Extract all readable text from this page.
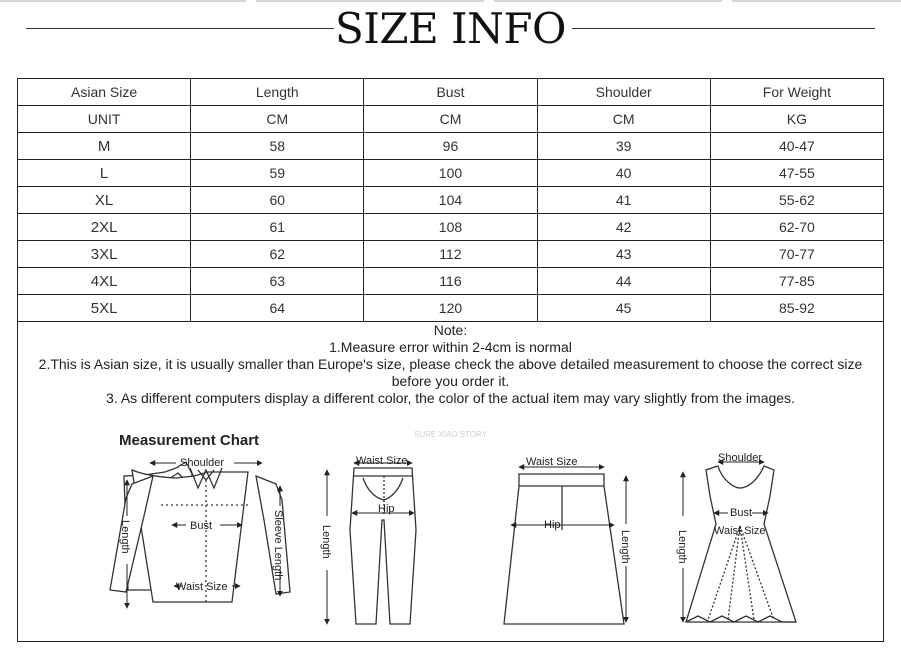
SIZE INFO
Asian Size	Length	Bust	Shoulder	For Weight
UNIT	CM	CM	CM	KG
M	58	96	39	40-47
L	59	100	40	47-55
XL	60	104	41	55-62
2XL	61	108	42	62-70
3XL	62	112	43	70-77
4XL	63	116	44	77-85
5XL	64	120	45	85-92
Note:
1.Measure error within 2-4cm is normal
2.This is Asian size, it is usually smaller than Europe's size, please check the above detailed measurement to choose the correct size before you order it.
3. As different computers display a different color, the color of the actual item may vary slightly from the images.
Measurement Chart	SURE XIAO STORY
Shoulder
Bust
Waist Size
Length	Sleeve Length
Waist Size
Hip
Length
Waist Size
Hip
Length
Shoulder
Bust
Waist Size
Length
